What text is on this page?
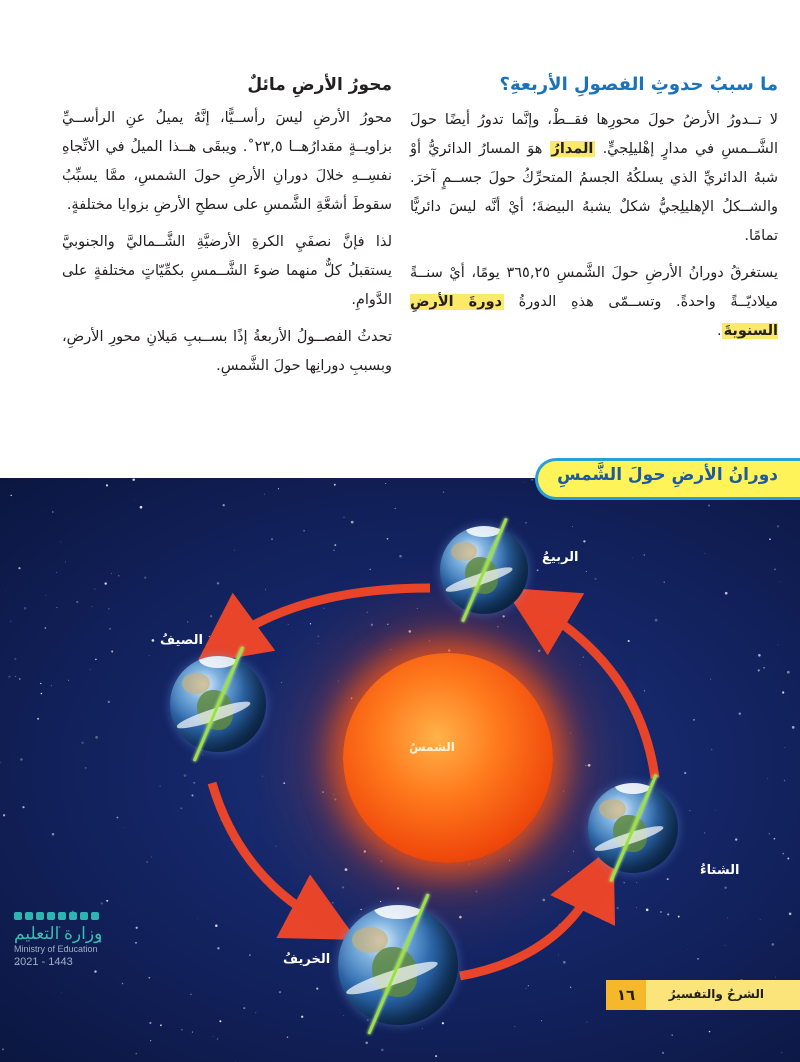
ما سببُ حدوثِ الفصولِ الأربعةِ؟

لا تــدورُ الأرضُ حولَ محورِها فقــطْ، وإنَّما تدورُ أيضًا حولَ الشَّــمسِ في مدارٍ إهْليلِجيٍّ. المدارُ هوَ المسارُ الدائريُّ أوْ شبهُ الدائريِّ الذي يسلكُهُ الجسمُ المتحرِّكُ حولَ جســمٍ آخرَ. والشــكلُ الإهليلِجيُّ شكلٌ يشبهُ البيضةَ؛ أيْ أنَّه ليسَ دائريًّا تمامًا.

يستغرقُ دورانُ الأرضِ حولَ الشَّمسِ ٣٦٥,٢٥ يومًا، أيْ سنــةً ميلاديّــةً واحدةً. وتســمّى هذهِ الدورةُ دورةَ الأرضِ السنويةَ.

محورُ الأرضِ مائلٌ

محورُ الأرضِ ليسَ رأســيًّا، إنَّهُ يميلُ عنِ الرأســيِّ بزاويــةٍ مقدارُهــا ٢٣,٥˚. ويبقَى هــذا الميلُ في الاتِّجاهِ نفسِــهِ خلالَ دورانِ الأرضِ حولَ الشمسِ، ممَّا يسبِّبُ سقوطَ أشعَّةِ الشَّمسِ على سطحِ الأرضِ بزوايا مختلفةٍ.

لذا فإنَّ نصفَيِ الكرةِ الأرضيَّةِ الشَّــماليَّ والجنوبيَّ يستقبلُ كلٌّ منهما ضوءَ الشَّــمسِ بكمِّيّاتٍ مختلفةٍ على الدَّوامِ.

تحدثُ الفصــولُ الأربعةُ إذًا بســببِ مَيلانِ محورِ الأرضِ، وبسببِ دورانِها حولَ الشَّمسِ.

الشمسُ
الربيعُ
الصيفُ
الشتاءُ
الخريفُ
دورانُ الأرضِ حولَ الشَّمسِ
وزارة التعليم
Ministry of Education
2021 - 1443
الشرحُ والتفسيرُ
١٦
